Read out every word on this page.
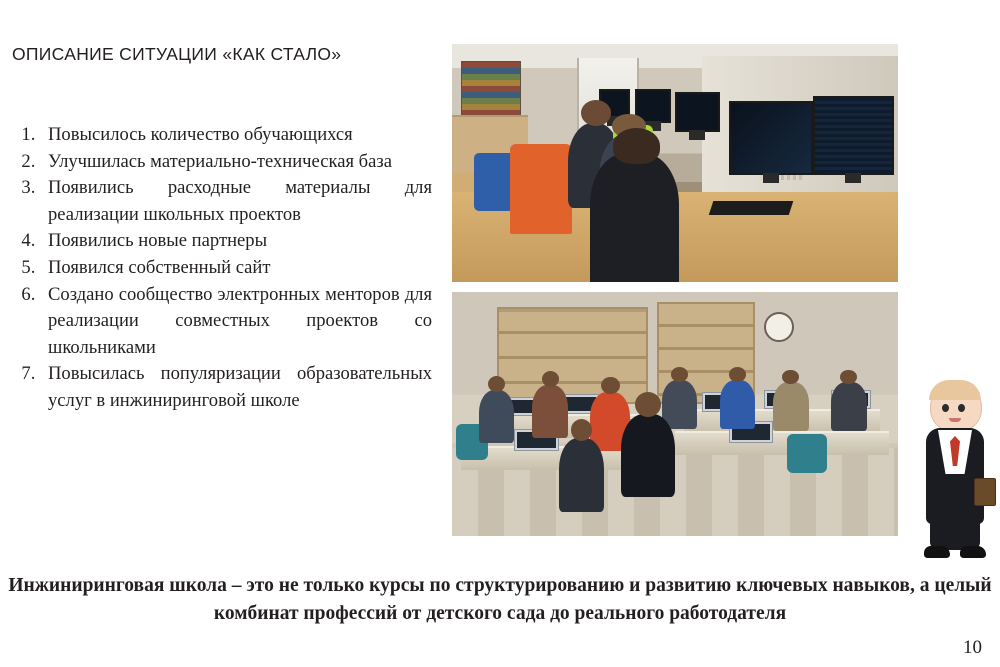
ОПИСАНИЕ СИТУАЦИИ «КАК СТАЛО»
1. Повысилось количество обучающихся
2. Улучшилась материально-техническая база
3. Появились расходные материалы для реализации школьных проектов
4. Появились новые партнеры
5. Появился собственный сайт
6. Создано сообщество электронных менторов для реализации совместных проектов со школьниками
7. Повысилась популяризации образовательных услуг в инжиниринговой школе
Инжиниринговая школа – это не только курсы по структурированию и развитию ключевых навыков, а целый комбинат профессий от детского сада до реального работодателя
10
